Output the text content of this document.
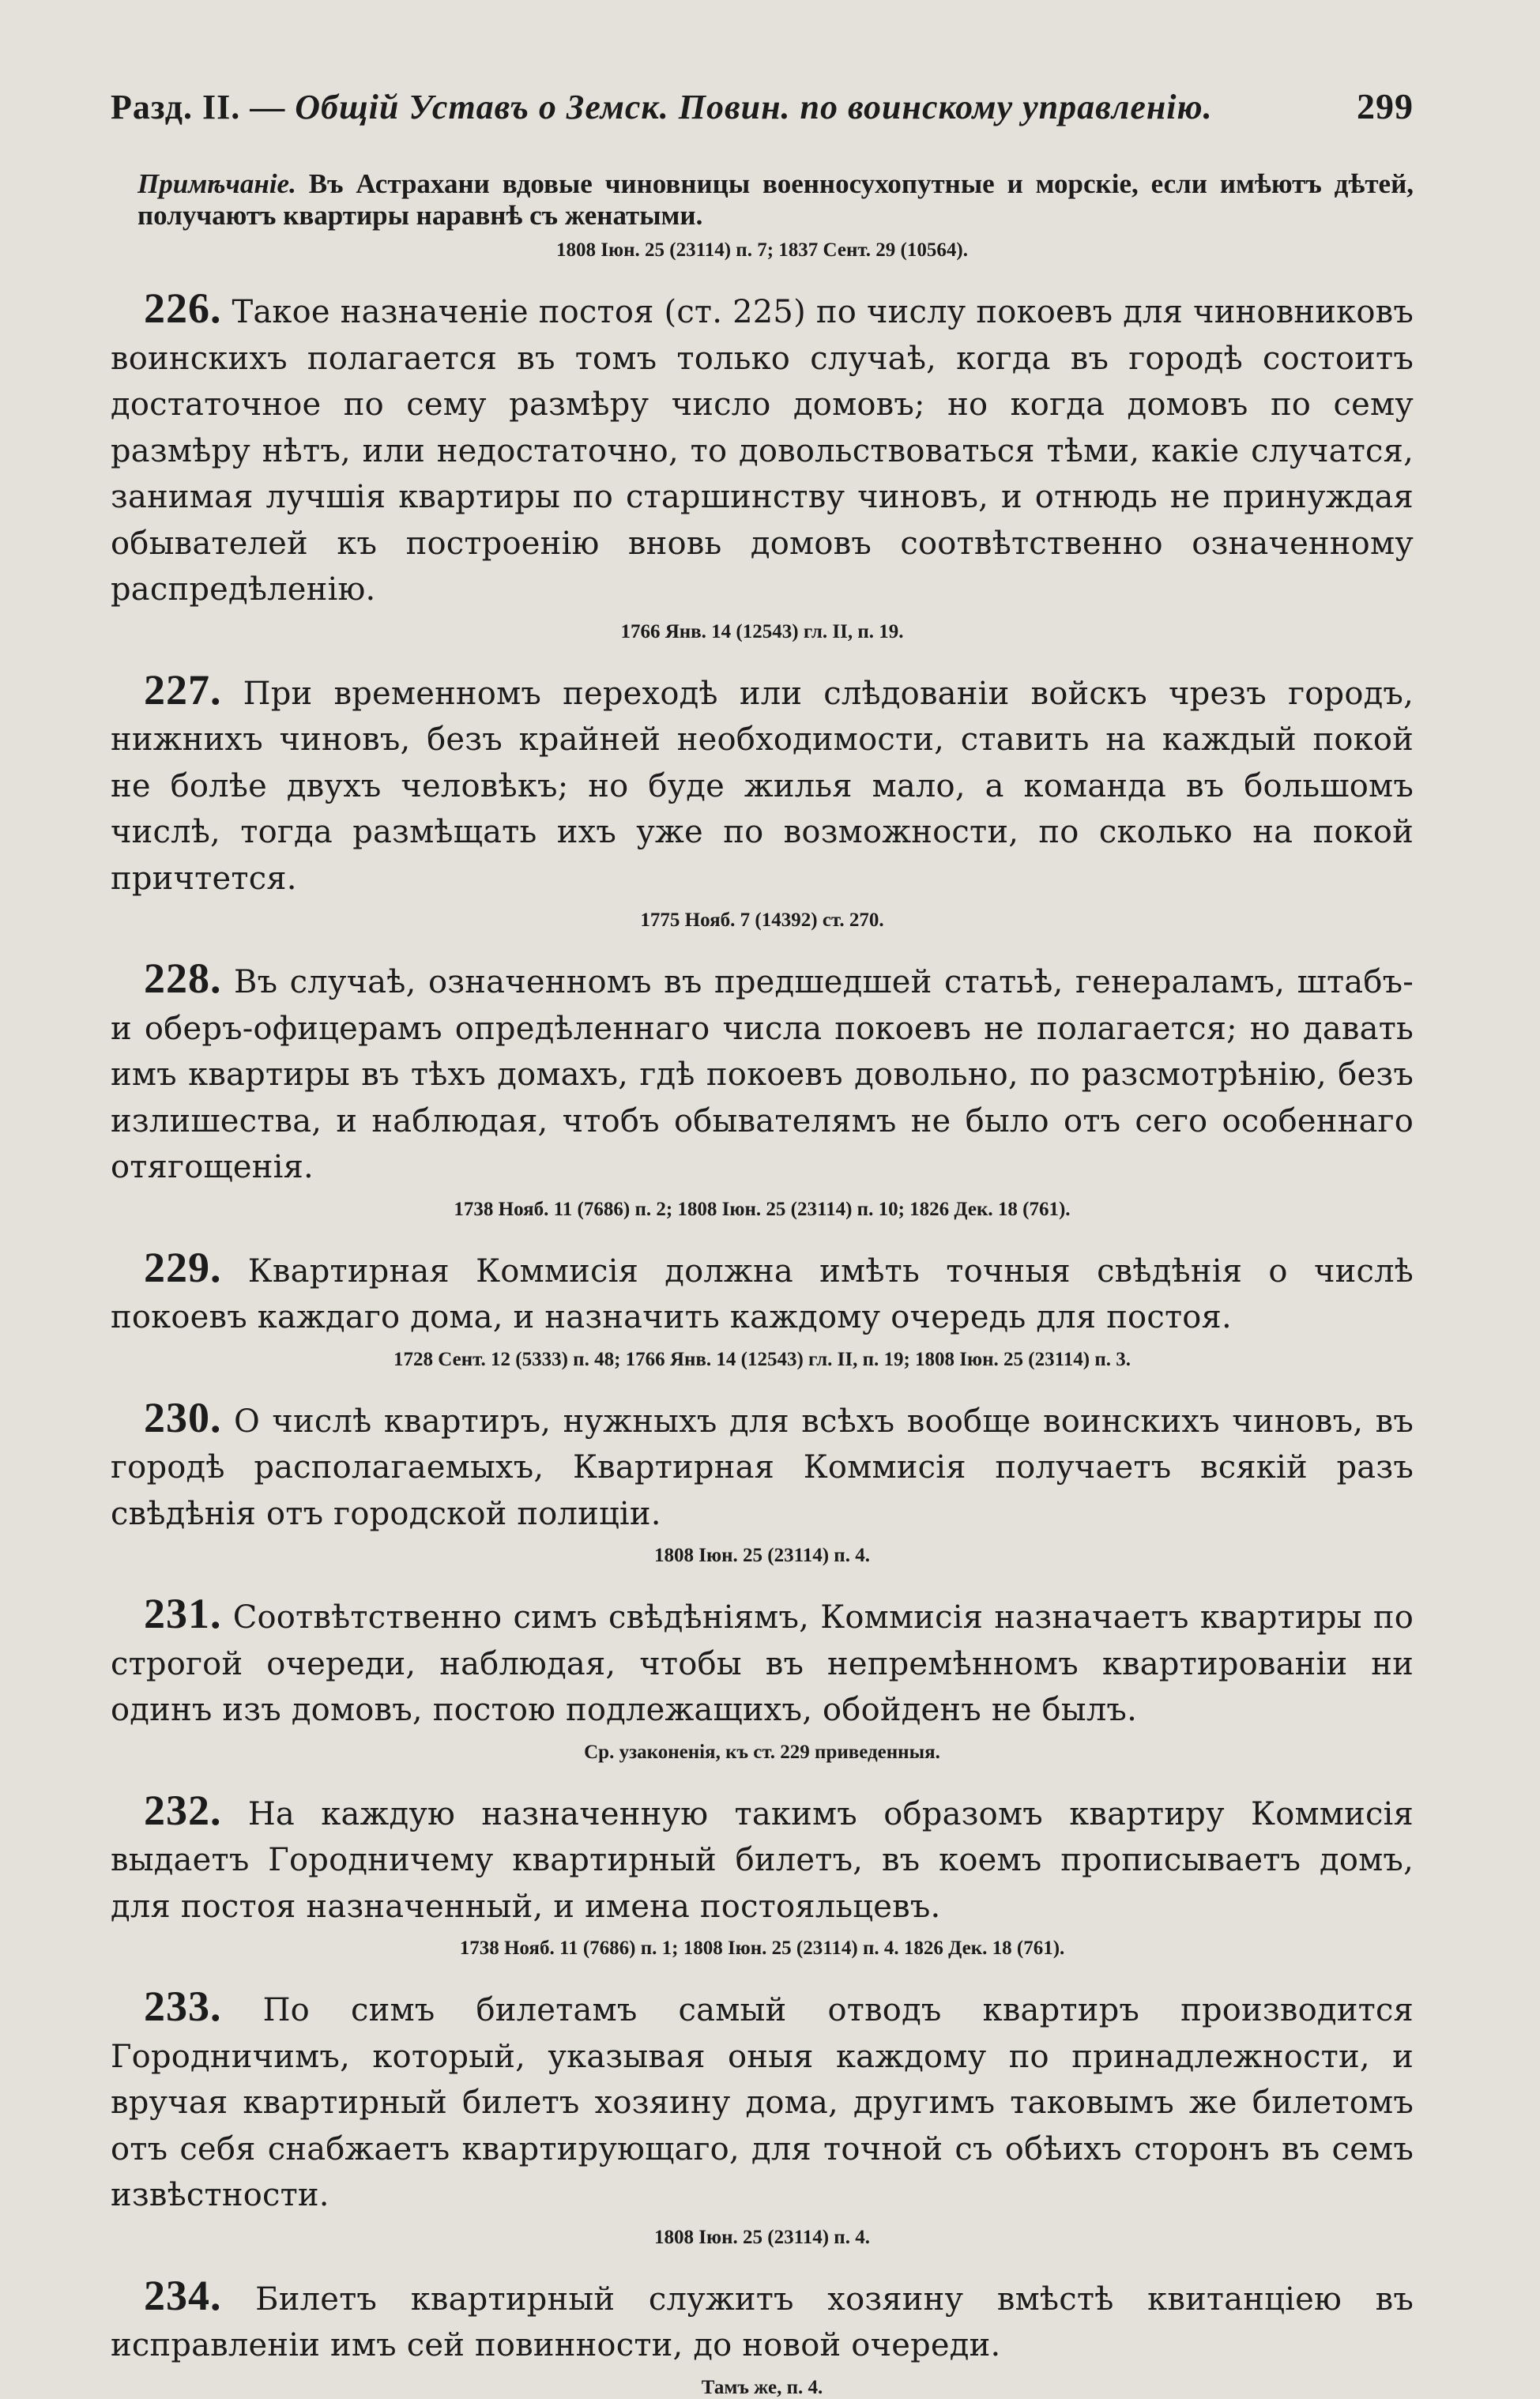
Разд. II. — Общій Уставъ о Земск. Повин. по воинскому управленію.	299

Примѣчаніе. Въ Астрахани вдовые чиновницы военносухопутные и морскіе, если имѣютъ дѣтей, получаютъ квартиры наравнѣ съ женатыми.

1808 Іюн. 25 (23114) п. 7; 1837 Сент. 29 (10564).

226. Такое назначеніе постоя (ст. 225) по числу покоевъ для чиновниковъ воинскихъ полагается въ томъ только случаѣ, когда въ городѣ состоитъ достаточное по сему размѣру число домовъ; но когда домовъ по сему размѣру нѣтъ, или недостаточно, то довольствоваться тѣми, какіе случатся, занимая лучшія квартиры по старшинству чиновъ, и отнюдь не принуждая обывателей къ построенію вновь домовъ соотвѣтственно означенному распредѣленію.

1766 Янв. 14 (12543) гл. II, п. 19.

227. При временномъ переходѣ или слѣдованіи войскъ чрезъ городъ, нижнихъ чиновъ, безъ крайней необходимости, ставить на каждый покой не болѣе двухъ человѣкъ; но буде жилья мало, а команда въ большомъ числѣ, тогда размѣщать ихъ уже по возможности, по сколько на покой причтется.

1775 Нояб. 7 (14392) ст. 270.

228. Въ случаѣ, означенномъ въ предшедшей статьѣ, генераламъ, штабъ-и оберъ-офицерамъ опредѣленнаго числа покоевъ не полагается; но давать имъ квартиры въ тѣхъ домахъ, гдѣ покоевъ довольно, по разсмотрѣнію, безъ излишества, и наблюдая, чтобъ обывателямъ не было отъ сего особеннаго отягощенія.

1738 Нояб. 11 (7686) п. 2; 1808 Іюн. 25 (23114) п. 10; 1826 Дек. 18 (761).

229. Квартирная Коммисія должна имѣть точныя свѣдѣнія о числѣ покоевъ каждаго дома, и назначить каждому очередь для постоя.

1728 Сент. 12 (5333) п. 48; 1766 Янв. 14 (12543) гл. II, п. 19; 1808 Іюн. 25 (23114) п. 3.

230. О числѣ квартиръ, нужныхъ для всѣхъ вообще воинскихъ чиновъ, въ городѣ располагаемыхъ, Квартирная Коммисія получаетъ всякій разъ свѣдѣнія отъ городской полиціи.

1808 Іюн. 25 (23114) п. 4.

231. Соотвѣтственно симъ свѣдѣніямъ, Коммисія назначаетъ квартиры по строгой очереди, наблюдая, чтобы въ непремѣнномъ квартированіи ни одинъ изъ домовъ, постою подлежащихъ, обойденъ не былъ.

Ср. узаконенія, къ ст. 229 приведенныя.

232. На каждую назначенную такимъ образомъ квартиру Коммисія выдаетъ Городничему квартирный билетъ, въ коемъ прописываетъ домъ, для постоя назначенный, и имена постояльцевъ.

1738 Нояб. 11 (7686) п. 1; 1808 Іюн. 25 (23114) п. 4. 1826 Дек. 18 (761).

233. По симъ билетамъ самый отводъ квартиръ производится Городничимъ, который, указывая оныя каждому по принадлежности, и вручая квартирный билетъ хозяину дома, другимъ таковымъ же билетомъ отъ себя снабжаетъ квартирующаго, для точной съ обѣихъ сторонъ въ семъ извѣстности.

1808 Іюн. 25 (23114) п. 4.

234. Билетъ квартирный служитъ хозяину вмѣстѣ квитанціею въ исправленіи имъ сей повинности, до новой очереди.

Тамъ же, п. 4.
